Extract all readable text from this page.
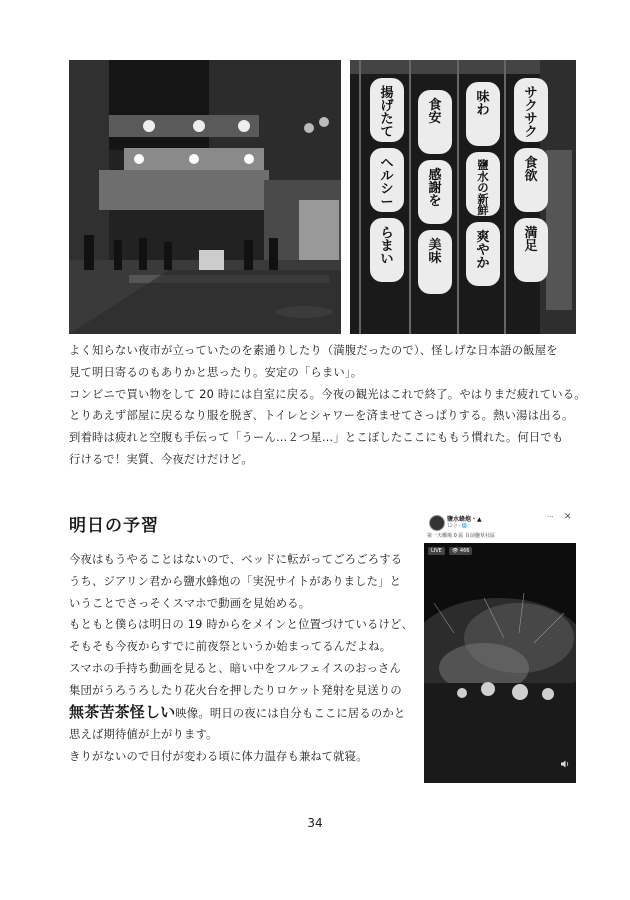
揚げたて
ヘルシー
らまい
食安
感謝を
美味
味わ
鹽水の新鮮
爽やか
サクサク
食欲
満足

よく知らない夜市が立っていたのを素通りしたり（満腹だったので）、怪しげな日本語の飯屋を

見て明日寄るのもありかと思ったり。安定の「らまい」。

コンビニで買い物をして 20 時には自室に戻る。今夜の観光はこれで終了。やはりまだ疲れている。

とりあえず部屋に戻るなり服を脱ぎ、トイレとシャワーを済ませてさっぱりする。熱い湯は出る。

到着時は疲れと空腹も手伝って「うーん…２つ星…」とこぼしたここにももう慣れた。何日でも

行けるで！実質、今夜だけだけど。

明日の予習

今夜はもうやることはないので、ベッドに転がってごろごろする

うち、ジアリン君から鹽水蜂炮の「実況サイトがありました」と

いうことでさっそくスマホで動画を見始める。

もともと僕らは明日の 19 時からをメインと位置づけているけど、

そもそも今夜からすでに前夜祭というか始まってるんだよね。

スマホの手持ち動画を見ると、暗い中をフルフェイスのおっさん

集団がうろうろしたり花火台を押したりロケット発射を見送りの

無茶苦茶怪しい映像。明日の夜には自分もここに居るのかと

思えば期待値が上がります。

きりがないので日付が変わる頃に体力温存も兼ねて就寝。

鹽水蜂炮・▲
12分・🌐
··· ✕
第一天橋場 0 區 目前鹽草社區
LIVE	👁 466
34
